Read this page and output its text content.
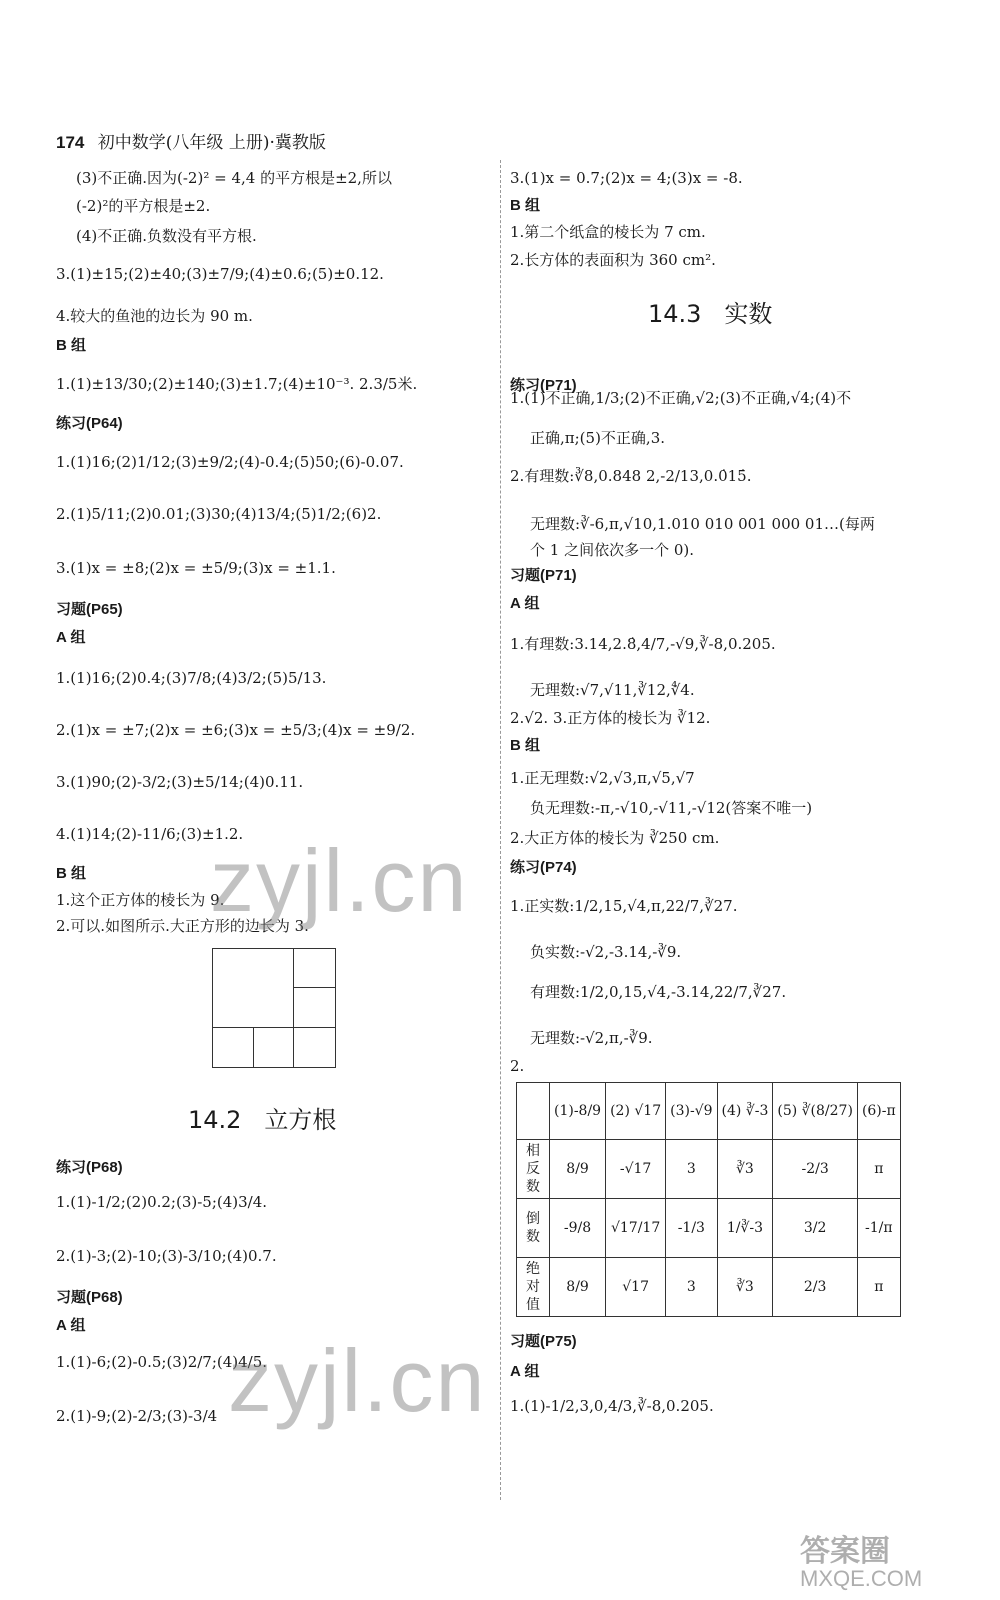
174 初中数学(八年级 上册)·冀教版
(3)不正确.因为(-2)² = 4,4 的平方根是±2,所以
(-2)²的平方根是±2.
(4)不正确.负数没有平方根.
3.(1)±15;(2)±40;(3)±7/9;(4)±0.6;(5)±0.12.
4.较大的鱼池的边长为 90 m.
B 组
1.(1)±13/30;(2)±140;(3)±1.7;(4)±10⁻³. 2.3/5米.
练习(P64)
1.(1)16;(2)1/12;(3)±9/2;(4)-0.4;(5)50;(6)-0.07.
2.(1)5/11;(2)0.01;(3)30;(4)13/4;(5)1/2;(6)2.
3.(1)x = ±8;(2)x = ±5/9;(3)x = ±1.1.
习题(P65)
A 组
1.(1)16;(2)0.4;(3)7/8;(4)3/2;(5)5/13.
2.(1)x = ±7;(2)x = ±6;(3)x = ±5/3;(4)x = ±9/2.
3.(1)90;(2)-3/2;(3)±5/14;(4)0.11.
4.(1)14;(2)-11/6;(3)±1.2.
B 组
1.这个正方体的棱长为 9.
2.可以.如图所示.大正方形的边长为 3.
练习(P68)
1.(1)-1/2;(2)0.2;(3)-5;(4)3/4.
2.(1)-3;(2)-10;(3)-3/10;(4)0.7.
习题(P68)
A 组
1.(1)-6;(2)-0.5;(3)2/7;(4)4/5.
2.(1)-9;(2)-2/3;(3)-3/4
14.2 立方根
3.(1)x = 0.7;(2)x = 4;(3)x = -8.
B 组
1.第二个纸盒的棱长为 7 cm.
2.长方体的表面积为 360 cm².
练习(P71)
1.(1)不正确,1/3;(2)不正确,√2;(3)不正确,√4;(4)不
正确,π;(5)不正确,3.
2.有理数:∛8,0.848 2,-2/13,0.0̇15̇.
无理数:∛-6,π,√10,1.010 010 001 000 01…(每两
个 1 之间依次多一个 0).
习题(P71)
A 组
1.有理数:3.14,2.8̇,4/7,-√9,∛-8,0.205.
无理数:√7,√11,∛12,∜4.
2.√2. 3.正方体的棱长为 ∛12.
B 组
1.正无理数:√2,√3,π,√5,√7
负无理数:-π,-√10,-√11,-√12(答案不唯一)
2.大正方体的棱长为 ∛250 cm.
练习(P74)
1.正实数:1/2,15,√4,π,22/7,∛27.
负实数:-√2,-3.14,-∛9.
有理数:1/2,0,15,√4,-3.14,22/7,∛27.
无理数:-√2,π,-∛9.
2.
习题(P75)
A 组
1.(1)-1/2,3,0,4/3,∛-8,0.205.
14.3 实数
	(1)-8/9	(2) √17	(3)-√9	(4) ∛-3	(5) ∛(8/27)	(6)-π
相反数	8/9	-√17	3	∛3	-2/3	π
倒数	-9/8	√17/17	-1/3	1/∛-3	3/2	-1/π
绝对值	8/9	√17	3	∛3	2/3	π
zyjl.cn
zyjl.cn
答案圈
MXQE.COM
